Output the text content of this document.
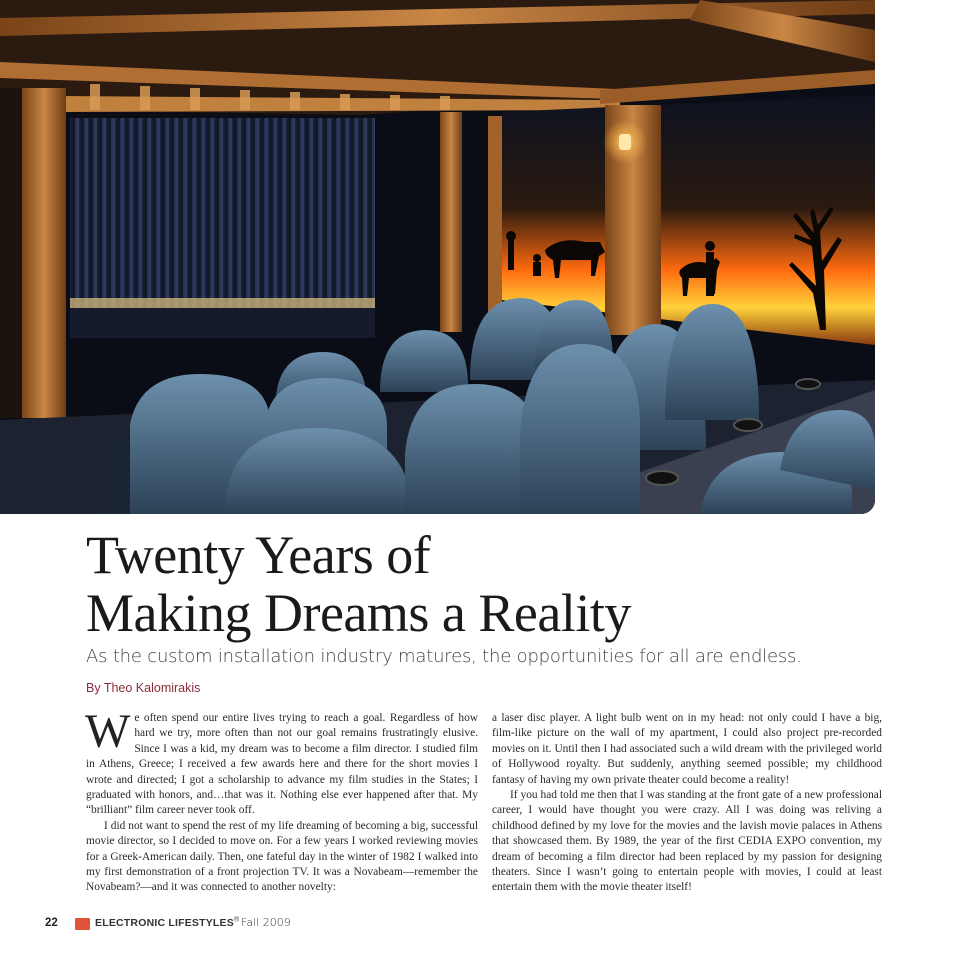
Twenty Years of
Making Dreams a Reality

As the custom installation industry matures, the opportunities for all are endless.

By Theo Kalomirakis

We often spend our entire lives trying to reach a goal. Regardless of how hard we try, more often than not our goal remains frustratingly elusive. Since I was a kid, my dream was to become a film director. I studied film in Athens, Greece; I received a few awards here and there for the short movies I wrote and directed; I got a scholarship to advance my film studies in the States; I graduated with honors, and…that was it. Nothing else ever happened after that. My “brilliant” film career never took off.

I did not want to spend the rest of my life dreaming of becoming a big, successful movie director, so I decided to move on. For a few years I worked reviewing movies for a Greek-American daily. Then, one fateful day in the winter of 1982 I walked into my first demonstration of a front projection TV. It was a Novabeam—remember the Novabeam?—and it was connected to another novelty:

a laser disc player. A light bulb went on in my head: not only could I have a big, film-like picture on the wall of my apartment, I could also project pre-recorded movies on it. Until then I had associated such a wild dream with the privileged world of Hollywood royalty. But suddenly, anything seemed possible; my childhood fantasy of having my own private theater could become a reality!

If you had told me then that I was standing at the front gate of a new professional career, I would have thought you were crazy. All I was doing was reliving a childhood defined by my love for the movies and the lavish movie palaces in Athens that showcased them. By 1989, the year of the first CEDIA EXPO convention, my dream of becoming a film director had been replaced by my passion for designing theaters. Since I wasn’t going to entertain people with movies, I could at least entertain them with the movie theater itself!

22	ELECTRONIC LIFESTYLES® Fall 2009
